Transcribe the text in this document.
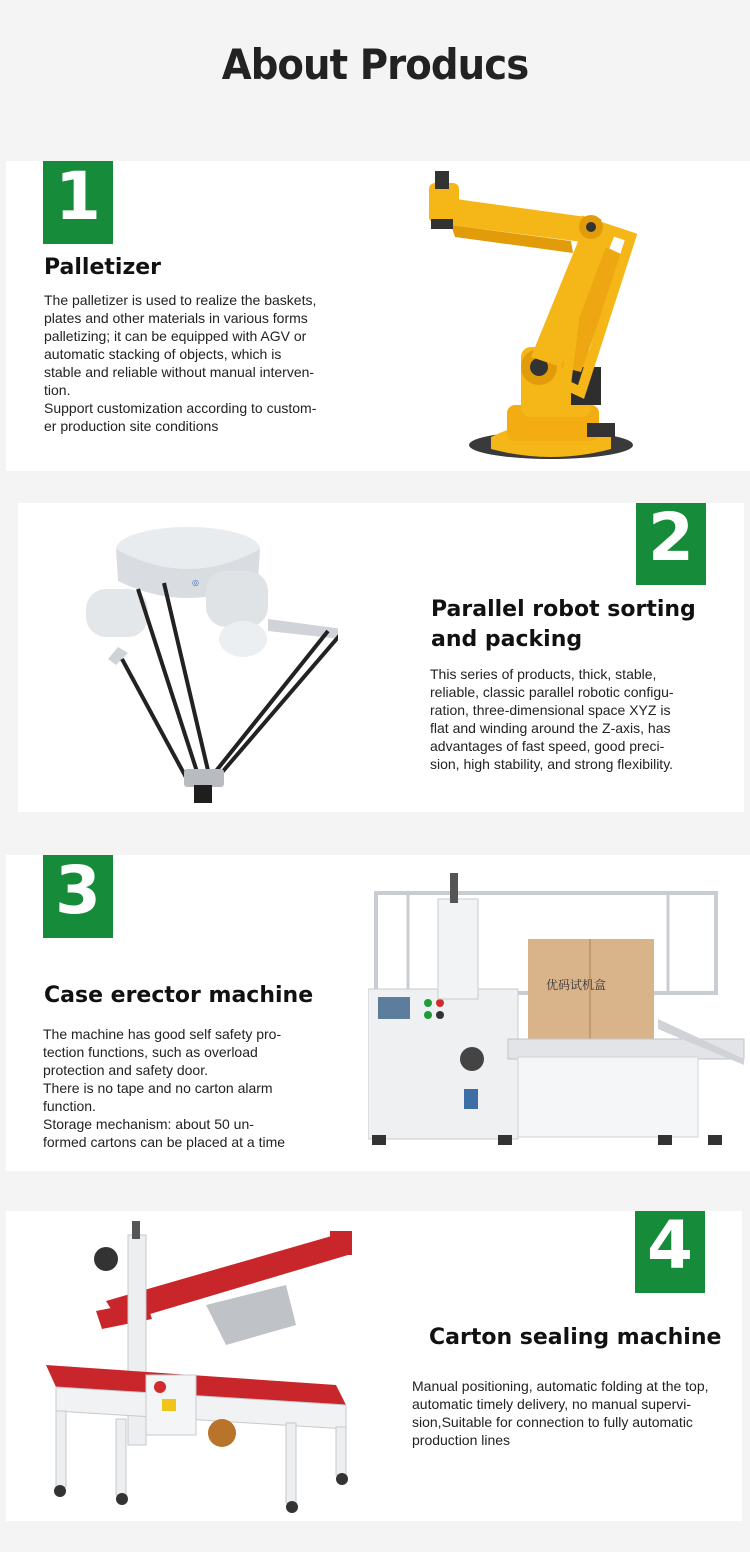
About Producs
1
Palletizer

The palletizer is used to realize the baskets,
plates and other materials in various forms
palletizing; it can be equipped with AGV or
automatic stacking of objects, which is
stable and reliable without manual interven-
tion.
Support customization according to custom-
er production site conditions

2
Parallel robot sorting
and packing

This series of products, thick, stable,
reliable, classic parallel robotic configu-
ration, three-dimensional space XYZ is
flat and winding around the Z-axis, has
advantages of fast speed, good preci-
sion, high stability, and strong flexibility.

◎
3
Case erector machine

The machine has good self safety pro-
tection functions, such as overload
protection and safety door.
There is no tape and no carton alarm
function.
Storage mechanism: about 50 un-
formed cartons can be placed at a time

优码试机盒
4
Carton sealing machine

Manual positioning, automatic folding at the top,
automatic timely delivery, no manual supervi-
sion,Suitable for connection to fully automatic
production lines
